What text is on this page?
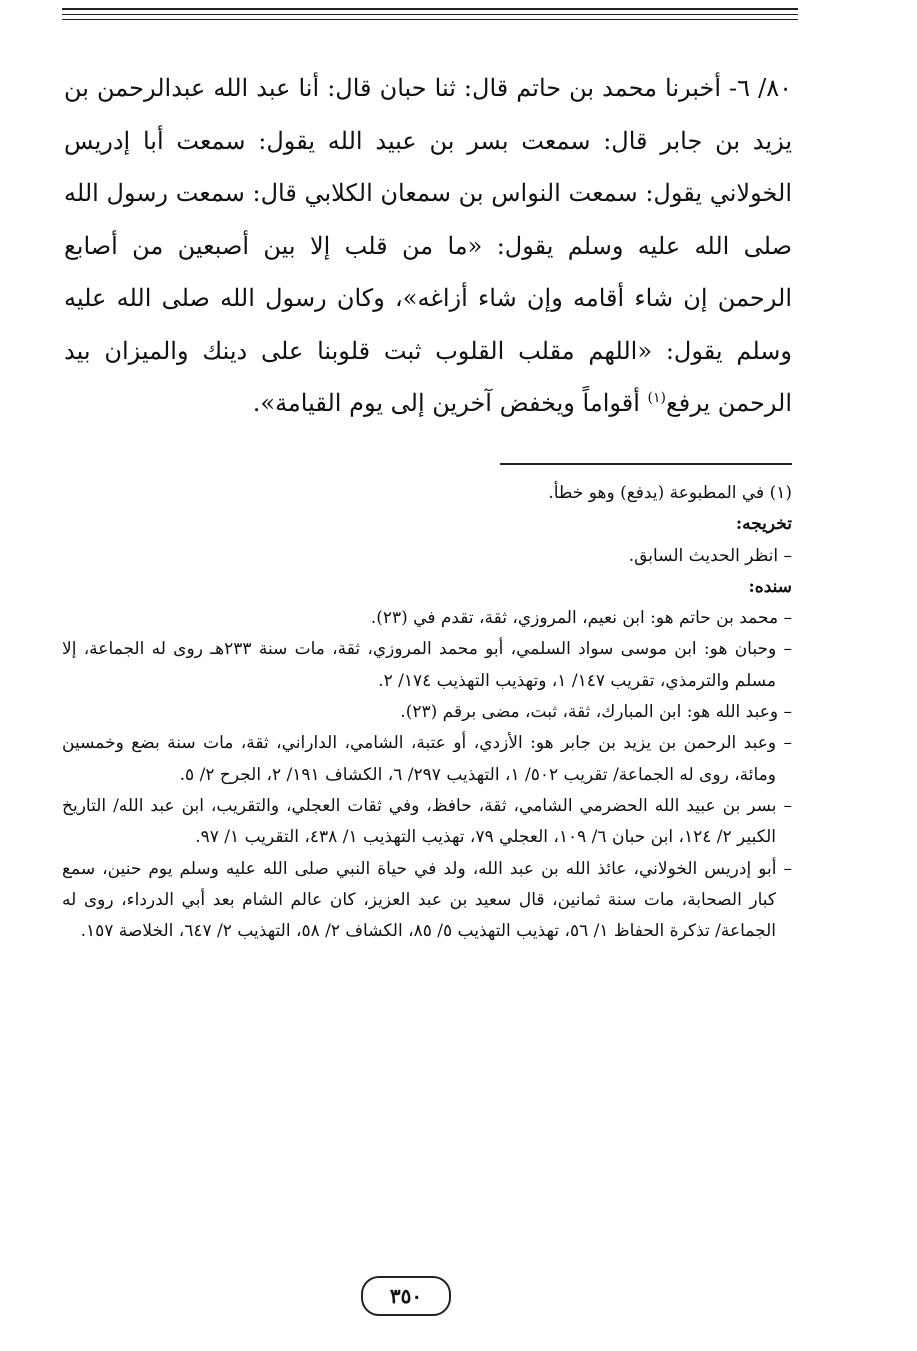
٨٠/ ٦- أخبرنا محمد بن حاتم قال: ثنا حبان قال: أنا عبد الله عبدالرحمن بن يزيد بن جابر قال: سمعت بسر بن عبيد الله يقول: سمعت أبا إدريس الخولاني يقول: سمعت النواس بن سمعان الكلابي قال: سمعت رسول الله صلى الله عليه وسلم يقول: «ما من قلب إلا بين أصبعين من أصابع الرحمن إن شاء أقامه وإن شاء أزاغه»، وكان رسول الله صلى الله عليه وسلم يقول: «اللهم مقلب القلوب ثبت قلوبنا على دينك والميزان بيد الرحمن يرفع$^{(١)}$ أقواماً ويخفض آخرين إلى يوم القيامة».

(١) في المطبوعة (يدفع) وهو خطأ.

تخريجه:

– انظر الحديث السابق.

سنده:

– محمد بن حاتم هو: ابن نعيم، المروزي، ثقة، تقدم في (٢٣).

– وحبان هو: ابن موسى سواد السلمي، أبو محمد المروزي، ثقة، مات سنة ٢٣٣هـ روى له الجماعة، إلا مسلم والترمذي، تقريب ١٤٧/ ١، وتهذيب التهذيب ١٧٤/ ٢.

– وعبد الله هو: ابن المبارك، ثقة، ثبت، مضى برقم (٢٣).

– وعبد الرحمن بن يزيد بن جابر هو: الأزدي، أو عتبة، الشامي، الداراني، ثقة، مات سنة بضع وخمسين ومائة، روى له الجماعة/ تقريب ٥٠٢/ ١، التهذيب ٢٩٧/ ٦، الكشاف ١٩١/ ٢، الجرح ٢/ ٥.

– بسر بن عبيد الله الحضرمي الشامي، ثقة، حافظ، وفي ثقات العجلي، والتقريب، ابن عبد الله/ التاريخ الكبير ٢/ ١٢٤، ابن حبان ٦/ ١٠٩، العجلي ٧٩، تهذيب التهذيب ١/ ٤٣٨، التقريب ١/ ٩٧.

– أبو إدريس الخولاني، عائذ الله بن عبد الله، ولد في حياة النبي صلى الله عليه وسلم يوم حنين، سمع كبار الصحابة، مات سنة ثمانين، قال سعيد بن عبد العزيز، كان عالم الشام بعد أبي الدرداء، روى له الجماعة/ تذكرة الحفاظ ١/ ٥٦، تهذيب التهذيب ٥/ ٨٥، الكشاف ٢/ ٥٨، التهذيب ٢/ ٦٤٧، الخلاصة ١٥٧.

٣٥٠
